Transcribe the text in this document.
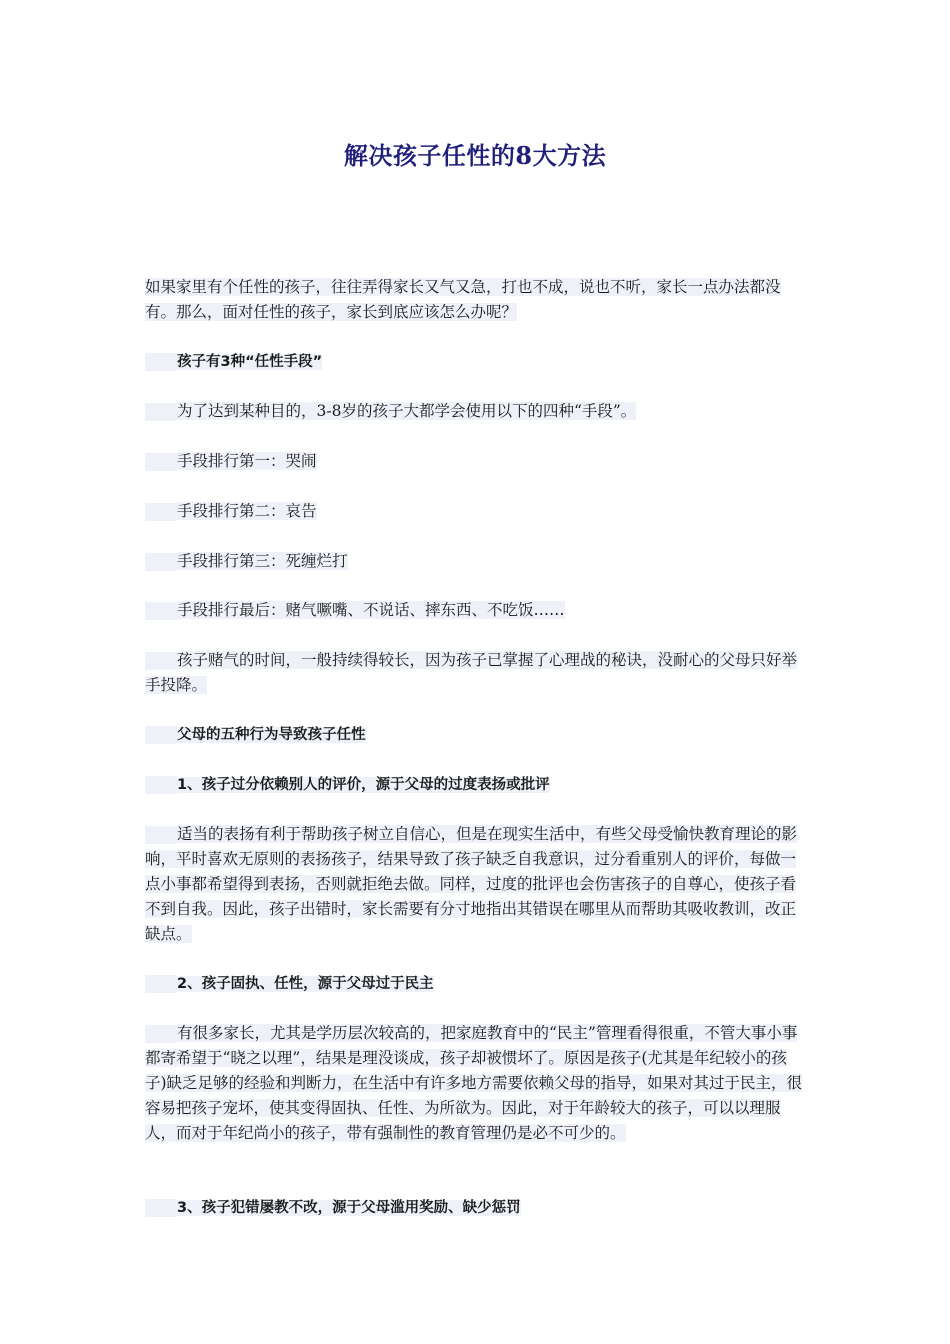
解决孩子任性的8大方法
如果家里有个任性的孩子，往往弄得家长又气又急，打也不成，说也不听，家长一点办法都没有。那么，面对任性的孩子，家长到底应该怎么办呢？
孩子有3种“任性手段”
为了达到某种目的，3-8岁的孩子大都学会使用以下的四种“手段”。
手段排行第一：哭闹
手段排行第二：哀告
手段排行第三：死缠烂打
手段排行最后：赌气噘嘴、不说话、摔东西、不吃饭……
孩子赌气的时间，一般持续得较长，因为孩子已掌握了心理战的秘诀，没耐心的父母只好举手投降。
父母的五种行为导致孩子任性
1、孩子过分依赖别人的评价，源于父母的过度表扬或批评
适当的表扬有利于帮助孩子树立自信心，但是在现实生活中，有些父母受愉快教育理论的影响，平时喜欢无原则的表扬孩子，结果导致了孩子缺乏自我意识，过分看重别人的评价，每做一点小事都希望得到表扬，否则就拒绝去做。同样，过度的批评也会伤害孩子的自尊心，使孩子看不到自我。因此，孩子出错时，家长需要有分寸地指出其错误在哪里从而帮助其吸收教训，改正缺点。
2、孩子固执、任性，源于父母过于民主
有很多家长，尤其是学历层次较高的，把家庭教育中的“民主”管理看得很重，不管大事小事都寄希望于“晓之以理”，结果是理没谈成，孩子却被惯坏了。原因是孩子(尤其是年纪较小的孩子)缺乏足够的经验和判断力，在生活中有许多地方需要依赖父母的指导，如果对其过于民主，很容易把孩子宠坏，使其变得固执、任性、为所欲为。因此，对于年龄较大的孩子，可以以理服人，而对于年纪尚小的孩子，带有强制性的教育管理仍是必不可少的。
3、孩子犯错屡教不改，源于父母滥用奖励、缺少惩罚
